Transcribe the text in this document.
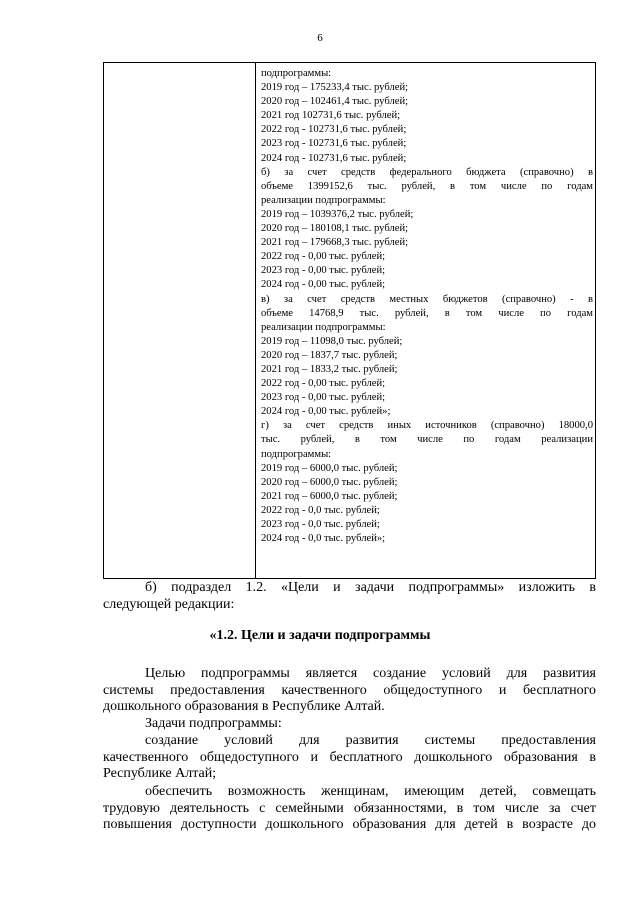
6
подпрограммы:
2019 год – 175233,4 тыс. рублей;
2020 год – 102461,4 тыс. рублей;
2021 год 102731,6 тыс. рублей;
2022 год - 102731,6 тыс. рублей;
2023 год - 102731,6 тыс. рублей;
2024 год - 102731,6 тыс. рублей;
б) за счет средств федерального бюджета (справочно) в
объеме 1399152,6 тыс. рублей, в том числе по годам
реализации подпрограммы:
2019 год – 1039376,2 тыс. рублей;
2020 год – 180108,1 тыс. рублей;
2021 год – 179668,3 тыс. рублей;
2022 год - 0,00 тыс. рублей;
2023 год - 0,00 тыс. рублей;
2024 год - 0,00 тыс. рублей;
в) за счет средств местных бюджетов (справочно) - в
объеме 14768,9 тыс. рублей, в том числе по годам
реализации подпрограммы:
2019 год – 11098,0 тыс. рублей;
2020 год – 1837,7 тыс. рублей;
2021 год – 1833,2 тыс. рублей;
2022 год - 0,00 тыс. рублей;
2023 год - 0,00 тыс. рублей;
2024 год - 0,00 тыс. рублей»;
г) за счет средств иных источников (справочно) 18000,0
тыс. рублей, в том числе по годам реализации
подпрограммы:
2019 год – 6000,0 тыс. рублей;
2020 год – 6000,0 тыс. рублей;
2021 год – 6000,0 тыс. рублей;
2022 год - 0,0 тыс. рублей;
2023 год - 0,0 тыс. рублей;
2024 год - 0,0 тыс. рублей»;
б) подраздел 1.2. «Цели и задачи подпрограммы» изложить в
следующей редакции:
«1.2. Цели и задачи подпрограммы
Целью подпрограммы является создание условий для развития
системы предоставления качественного общедоступного и бесплатного
дошкольного образования в Республике Алтай.
Задачи подпрограммы:
создание условий для развития системы предоставления
качественного общедоступного и бесплатного дошкольного образования в
Республике Алтай;
обеспечить возможность женщинам, имеющим детей, совмещать
трудовую деятельность с семейными обязанностями, в том числе за счет
повышения доступности дошкольного образования для детей в возрасте до
